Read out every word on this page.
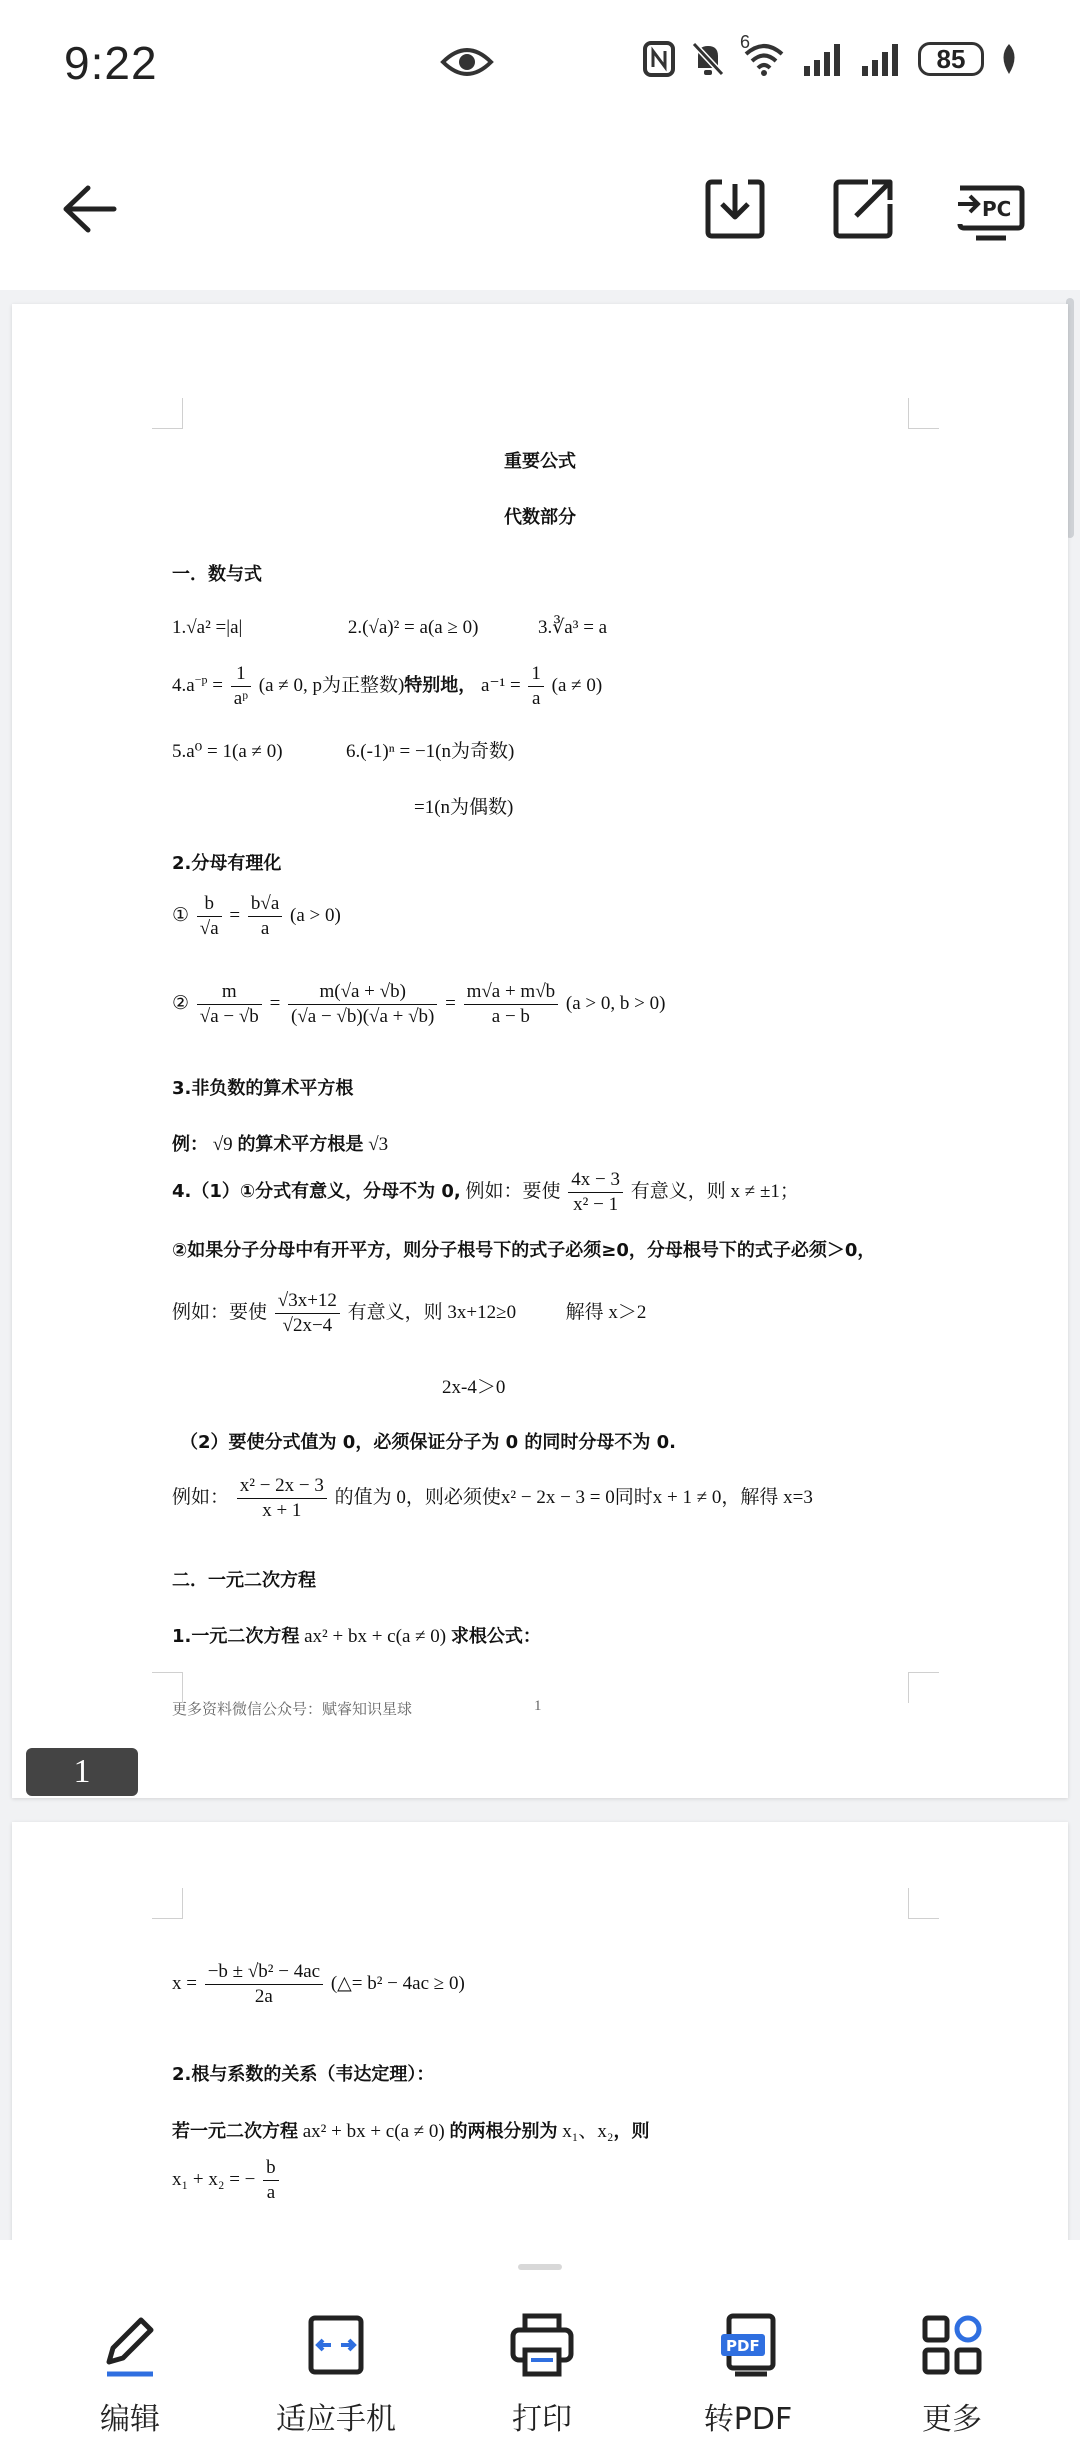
9:22	6
85
PC
重要公式
代数部分
一．数与式
1.√a² =|a|	2.(√a)² = a(a ≥ 0)	3.∛a³ = a
$4.a^{-p} = \frac{1}{\text{aᵖ}} (a \ne 0$, p为正整数)特别地， $a^{-1} = \frac{1}{a} (a \ne 0)$
5.a⁰ = 1(a ≠ 0)	6.(-1)ⁿ = −1(n为奇数)
=1(n为偶数)
2.分母有理化
① $\frac{b}{√a} = \frac{b√a}{a} (a > 0)$
② $\frac{m}{√a - √b} = \frac{m(√a + √b)}{(√a - √b)(√a + √b)} = \frac{m√a + m√b}{a - b} (a > 0$, b > 0)
3.非负数的算术平方根
例： √9 的算术平方根是 √3
4.（1）①分式有意义，分母不为 0, 例如：要使 $\frac{4x - 3}{\text{x² − 1}}$ 有意义，则 x ≠ ±1；
②如果分子分母中有开平方，则分子根号下的式子必须≥0，分母根号下的式子必须＞0，
例如：要使 $\frac{√3x+12}{√2x-4}$ 有意义，则 3x+12≥0	解得 x＞2
2x-4＞0
（2）要使分式值为 0，必须保证分子为 0 的同时分母不为 0.
例如： $\frac{\text{x² − 2x − 3}}{x + 1}$ 的值为 0，则必须使x² − 2x − 3 = 0同时x + 1 ≠ 0，解得 x=3
二．一元二次方程
1.一元二次方程 ax² + bx + c(a ≠ 0) 求根公式：
更多资料微信公众号：赋睿知识星球	1
1
$x = \frac{\text{−b ± √b² − 4ac}}{2a}$ (△= b² − 4ac ≥ 0)
2.根与系数的关系（韦达定理）：
若一元二次方程 ax² + bx + c(a ≠ 0) 的两根分别为 x₁、x₂，则
x₁ + x₂ = − $\frac{b}{a}$
编辑	适应手机	打印
PDF
转PDF	更多
